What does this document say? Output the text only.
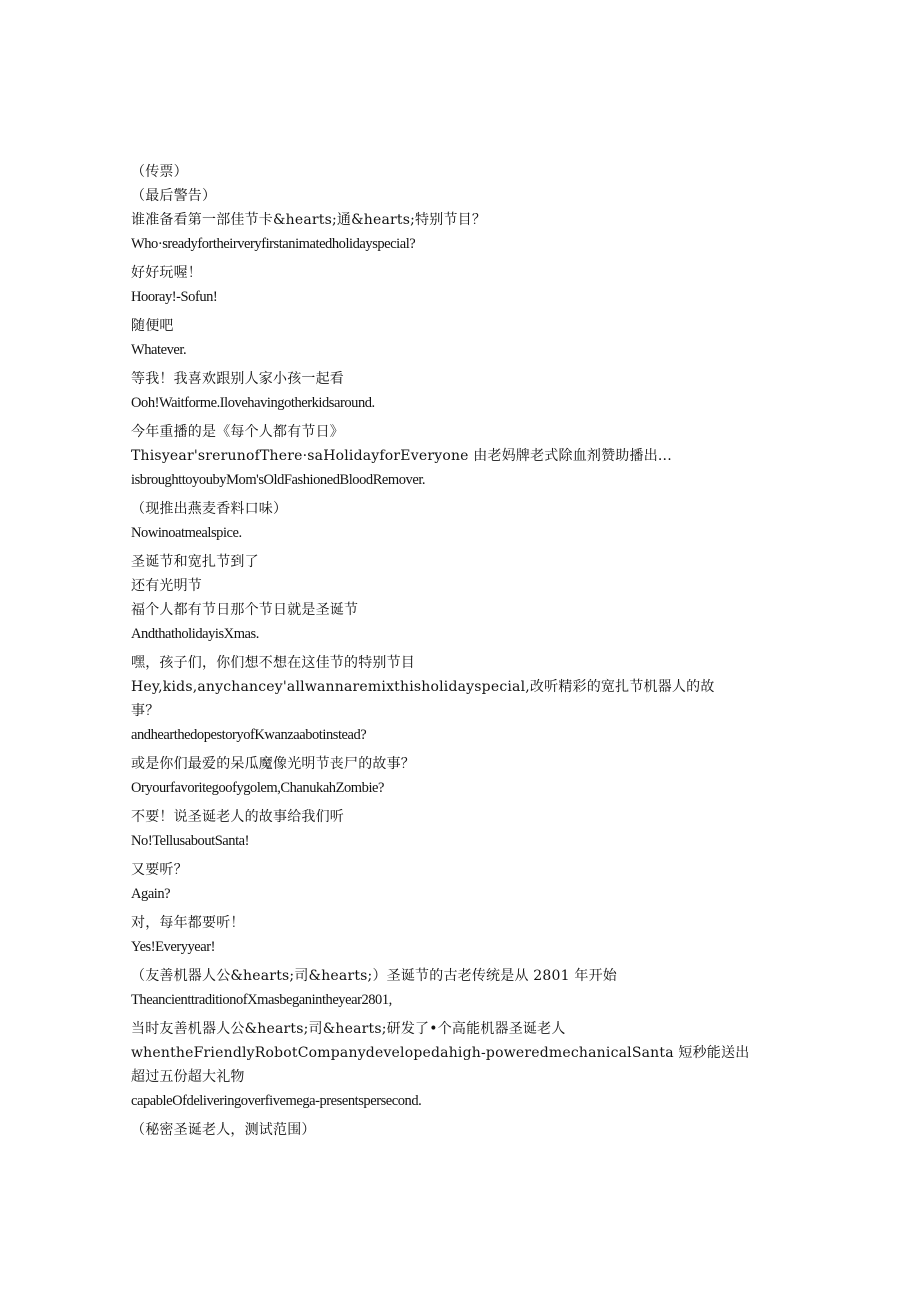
（传票）
（最后警告）
谁准备看第一部佳节卡&hearts;通&hearts;特别节目？
Who·sreadyfortheirveryfirstanimatedholidayspecial?
好好玩喔！
Hooray!-Sofun!
随便吧
Whatever.
等我！我喜欢跟别人家小孩一起看
Ooh!Waitforme.Ilovehavingotherkidsaround.
今年重播的是《每个人都有节日》
Thisyear'srerunofThere·saHolidayforEveryone 由老妈牌老式除血剂赞助播出...
isbroughttoyoubyMom'sOldFashionedBloodRemover.
（现推出燕麦香料口味）
Nowinoatmealspice.
圣诞节和宽扎节到了
还有光明节
福个人都有节日那个节日就是圣诞节
AndthatholidayisXmas.
嘿，孩子们，你们想不想在这佳节的特别节目
Hey,kids,anychancey'allwannaremixthisholidayspecial,改听精彩的宽扎节机器人的故
事？
andhearthedopestoryofKwanzaabotinstead?
或是你们最爱的呆瓜魔像光明节丧尸的故事？
Oryourfavoritegoofygolem,ChanukahZombie?
不要！说圣诞老人的故事给我们听
No!TellusaboutSanta!
又要听？
Again?
对，每年都要听！
Yes!Everyyear!
（友善机器人公&hearts;司&hearts;）圣诞节的古老传统是从 2801 年开始
TheancienttraditionofXmasbeganintheyear2801,
当时友善机器人公&hearts;司&hearts;研发了•个高能机器圣诞老人
whentheFriendlyRobotCompanydevelopedahigh-poweredmechanicalSanta 短秒能送出
超过五份超大礼物
capableOfdeliveringoverfivemega-presentspersecond.
（秘密圣诞老人，测试范围）
